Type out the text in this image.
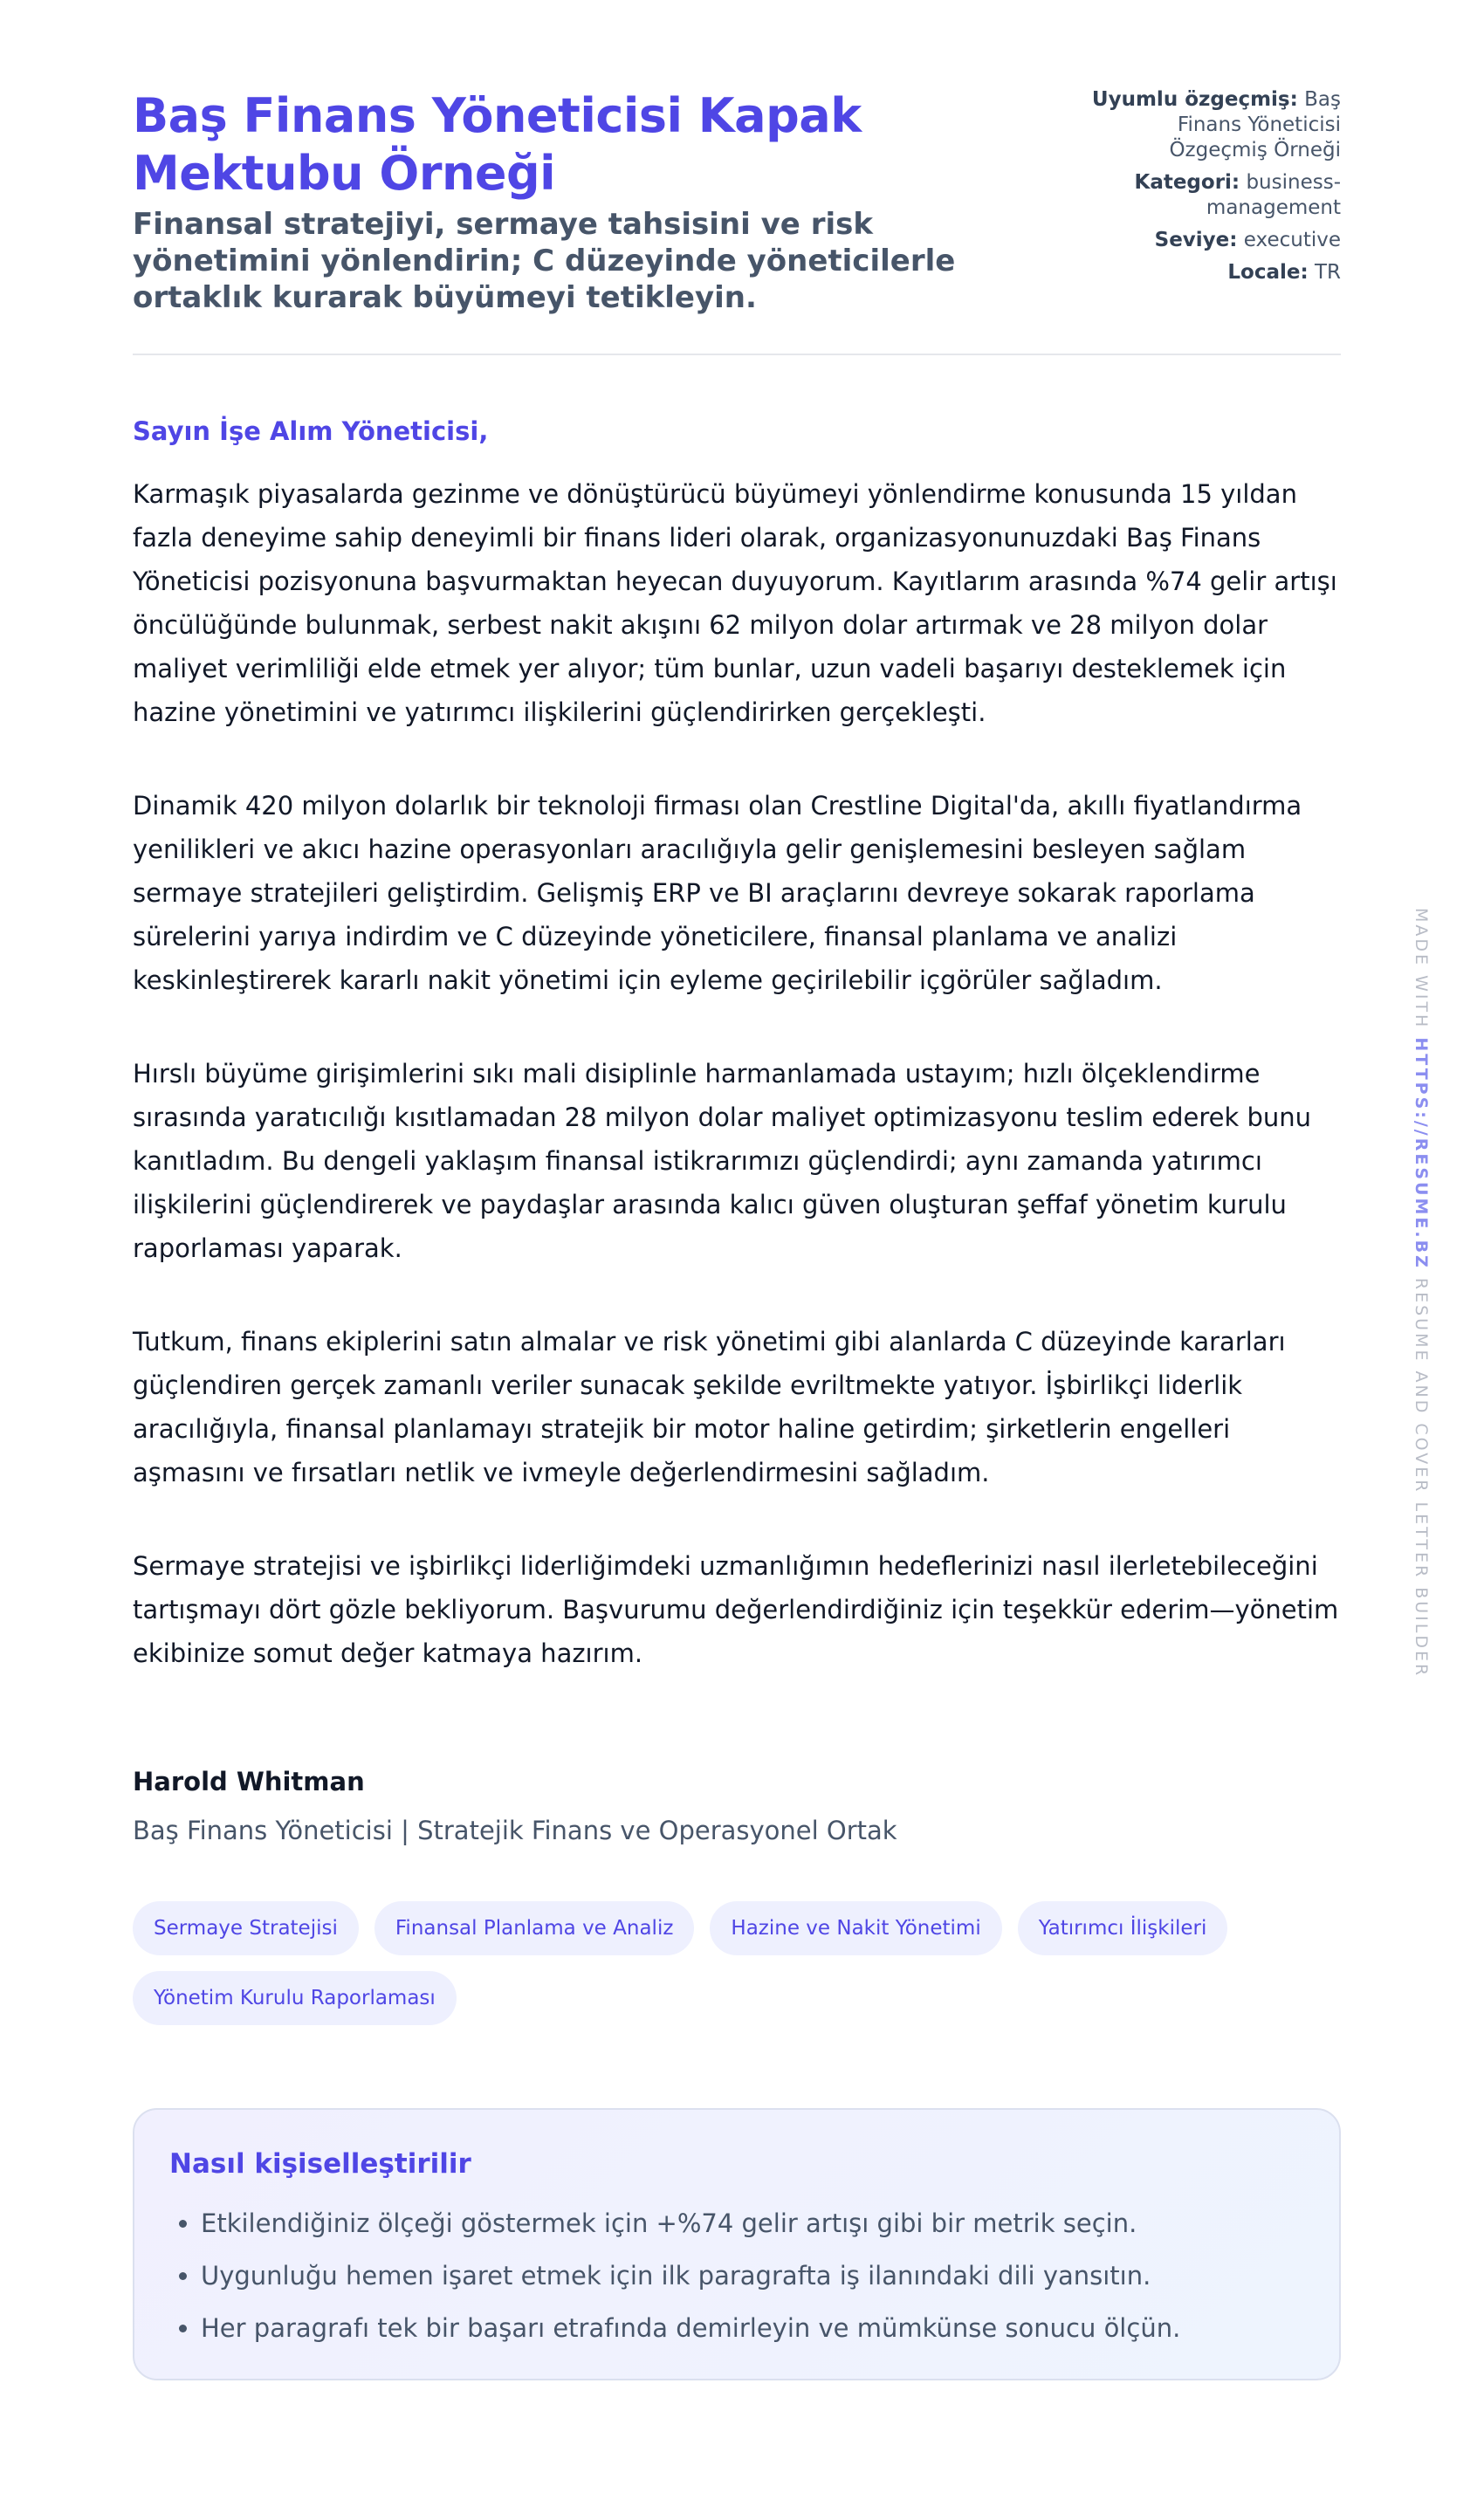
Baş Finans Yöneticisi Kapak Mektubu Örneği

Finansal stratejiyi, sermaye tahsisini ve risk yönetimini yönlendirin; C düzeyinde yöneticilerle ortaklık kurarak büyümeyi tetikleyin.

Uyumlu özgeçmiş: Baş Finans Yöneticisi Özgeçmiş Örneği
Kategori: business-management
Seviye: executive
Locale: TR

Sayın İşe Alım Yöneticisi,

Karmaşık piyasalarda gezinme ve dönüştürücü büyümeyi yönlendirme konusunda 15 yıldan fazla deneyime sahip deneyimli bir finans lideri olarak, organizasyonunuzdaki Baş Finans Yöneticisi pozisyonuna başvurmaktan heyecan duyuyorum. Kayıtlarım arasında %74 gelir artışı öncülüğünde bulunmak, serbest nakit akışını 62 milyon dolar artırmak ve 28 milyon dolar maliyet verimliliği elde etmek yer alıyor; tüm bunlar, uzun vadeli başarıyı desteklemek için hazine yönetimini ve yatırımcı ilişkilerini güçlendirirken gerçekleşti.

Dinamik 420 milyon dolarlık bir teknoloji firması olan Crestline Digital'da, akıllı fiyatlandırma yenilikleri ve akıcı hazine operasyonları aracılığıyla gelir genişlemesini besleyen sağlam sermaye stratejileri geliştirdim. Gelişmiş ERP ve BI araçlarını devreye sokarak raporlama sürelerini yarıya indirdim ve C düzeyinde yöneticilere, finansal planlama ve analizi keskinleştirerek kararlı nakit yönetimi için eyleme geçirilebilir içgörüler sağladım.

Hırslı büyüme girişimlerini sıkı mali disiplinle harmanlamada ustayım; hızlı ölçeklendirme sırasında yaratıcılığı kısıtlamadan 28 milyon dolar maliyet optimizasyonu teslim ederek bunu kanıtladım. Bu dengeli yaklaşım finansal istikrarımızı güçlendirdi; aynı zamanda yatırımcı ilişkilerini güçlendirerek ve paydaşlar arasında kalıcı güven oluşturan şeffaf yönetim kurulu raporlaması yaparak.

Tutkum, finans ekiplerini satın almalar ve risk yönetimi gibi alanlarda C düzeyinde kararları güçlendiren gerçek zamanlı veriler sunacak şekilde evriltmekte yatıyor. İşbirlikçi liderlik aracılığıyla, finansal planlamayı stratejik bir motor haline getirdim; şirketlerin engelleri aşmasını ve fırsatları netlik ve ivmeyle değerlendirmesini sağladım.

Sermaye stratejisi ve işbirlikçi liderliğimdeki uzmanlığımın hedeflerinizi nasıl ilerletebileceğini tartışmayı dört gözle bekliyorum. Başvurumu değerlendirdiğiniz için teşekkür ederim—yönetim ekibinize somut değer katmaya hazırım.

Harold Whitman
Baş Finans Yöneticisi | Stratejik Finans ve Operasyonel Ortak
Sermaye Stratejisi	Finansal Planlama ve Analiz	Hazine ve Nakit Yönetimi	Yatırımcı İlişkileri
Yönetim Kurulu Raporlaması
Nasıl kişiselleştirilir
• Etkilendiğiniz ölçeği göstermek için +%74 gelir artışı gibi bir metrik seçin.
• Uygunluğu hemen işaret etmek için ilk paragrafta iş ilanındaki dili yansıtın.
• Her paragrafı tek bir başarı etrafında demirleyin ve mümkünse sonucu ölçün.
MADE WITH HTTPS://RESUME.BZ RESUME AND COVER LETTER BUILDER
